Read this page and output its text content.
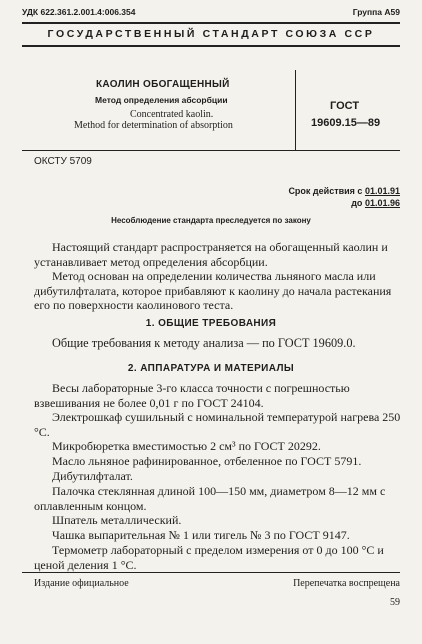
УДК 622.361.2.001.4:006.354	Группа А59
ГОСУДАРСТВЕННЫЙ СТАНДАРТ СОЮЗА ССР
КАОЛИН ОБОГАЩЕННЫЙ
Метод определения абсорбции
Concentrated kaolin.
Method for determination of absorption
ГОСТ
19609.15—89
ОКСТУ 5709
Срок действия с 01.01.91
до 01.01.96
Несоблюдение стандарта преследуется по закону
Настоящий стандарт распространяется на обогащенный каолин и устанавливает метод определения абсорбции.
Метод основан на определении количества льняного масла или дибутилфталата, которое прибавляют к каолину до начала растекания его по поверхности каолинового теста.
1. ОБЩИЕ ТРЕБОВАНИЯ
Общие требования к методу анализа — по ГОСТ 19609.0.
2. АППАРАТУРА И МАТЕРИАЛЫ
Весы лабораторные 3-го класса точности с погрешностью взвешивания не более 0,01 г по ГОСТ 24104.
Электрошкаф сушильный с номинальной температурой нагрева 250 °С.
Микробюретка вместимостью 2 см³ по ГОСТ 20292.
Масло льняное рафинированное, отбеленное по ГОСТ 5791.
Дибутилфталат.
Палочка стеклянная длиной 100—150 мм, диаметром 8—12 мм с оплавленным концом.
Шпатель металлический.
Чашка выпарительная № 1 или тигель № 3 по ГОСТ 9147.
Термометр лабораторный с пределом измерения от 0 до 100 °С и ценой деления 1 °С.
Издание официальное	Перепечатка воспрещена
59
